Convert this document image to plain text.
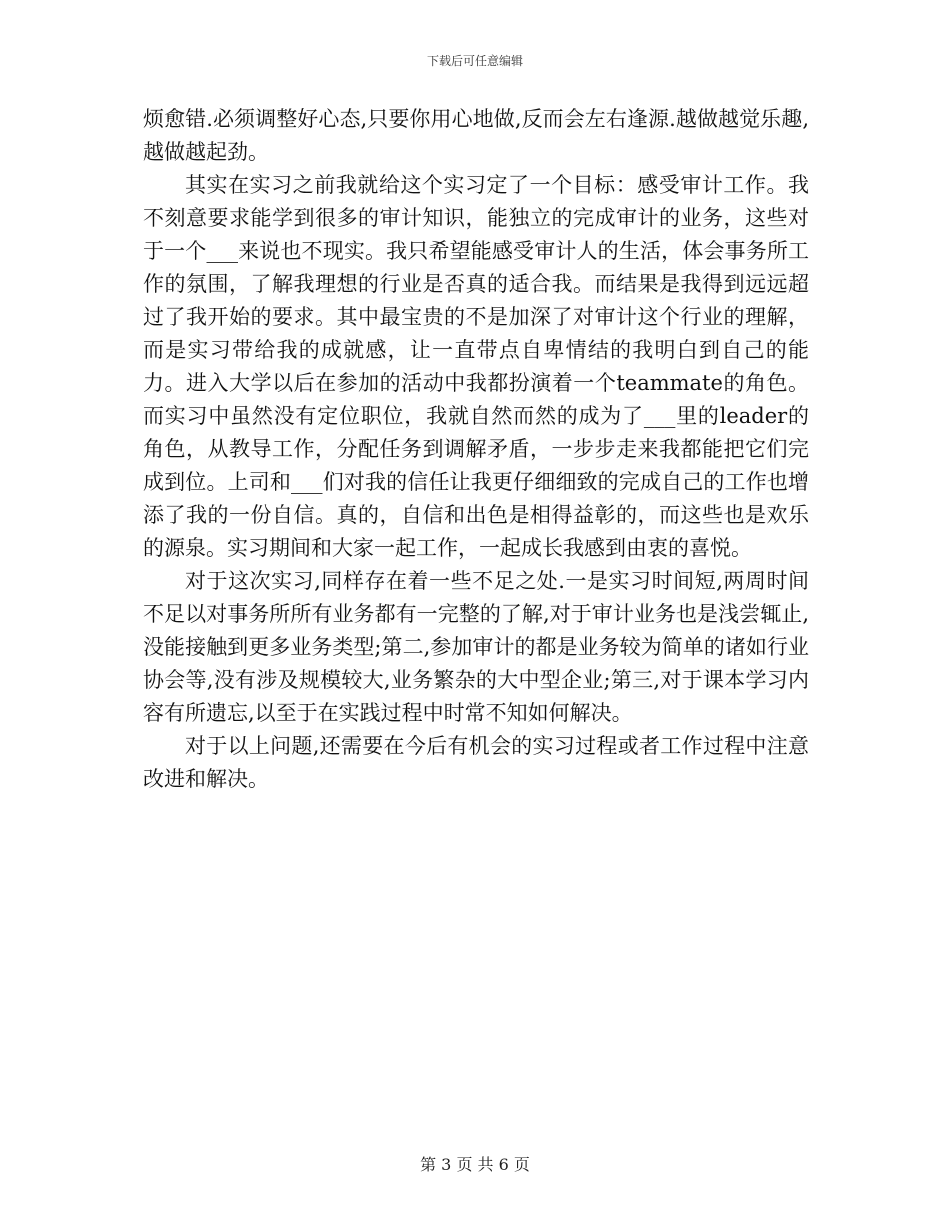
下载后可任意编辑

烦愈错.必须调整好心态,只要你用心地做,反而会左右逢源.越做越觉乐趣,越做越起劲。

其实在实习之前我就给这个实习定了一个目标：感受审计工作。我不刻意要求能学到很多的审计知识，能独立的完成审计的业务，这些对于一个___来说也不现实。我只希望能感受审计人的生活，体会事务所工作的氛围，了解我理想的行业是否真的适合我。而结果是我得到远远超过了我开始的要求。其中最宝贵的不是加深了对审计这个行业的理解，而是实习带给我的成就感，让一直带点自卑情结的我明白到自己的能力。进入大学以后在参加的活动中我都扮演着一个teammate的角色。而实习中虽然没有定位职位，我就自然而然的成为了___里的leader的角色，从教导工作，分配任务到调解矛盾，一步步走来我都能把它们完成到位。上司和___们对我的信任让我更仔细细致的完成自己的工作也增添了我的一份自信。真的，自信和出色是相得益彰的，而这些也是欢乐的源泉。实习期间和大家一起工作，一起成长我感到由衷的喜悦。

对于这次实习,同样存在着一些不足之处.一是实习时间短,两周时间不足以对事务所所有业务都有一完整的了解,对于审计业务也是浅尝辄止,没能接触到更多业务类型;第二,参加审计的都是业务较为简单的诸如行业协会等,没有涉及规模较大,业务繁杂的大中型企业;第三,对于课本学习内容有所遗忘,以至于在实践过程中时常不知如何解决。

对于以上问题,还需要在今后有机会的实习过程或者工作过程中注意改进和解决。

第 3 页 共 6 页
